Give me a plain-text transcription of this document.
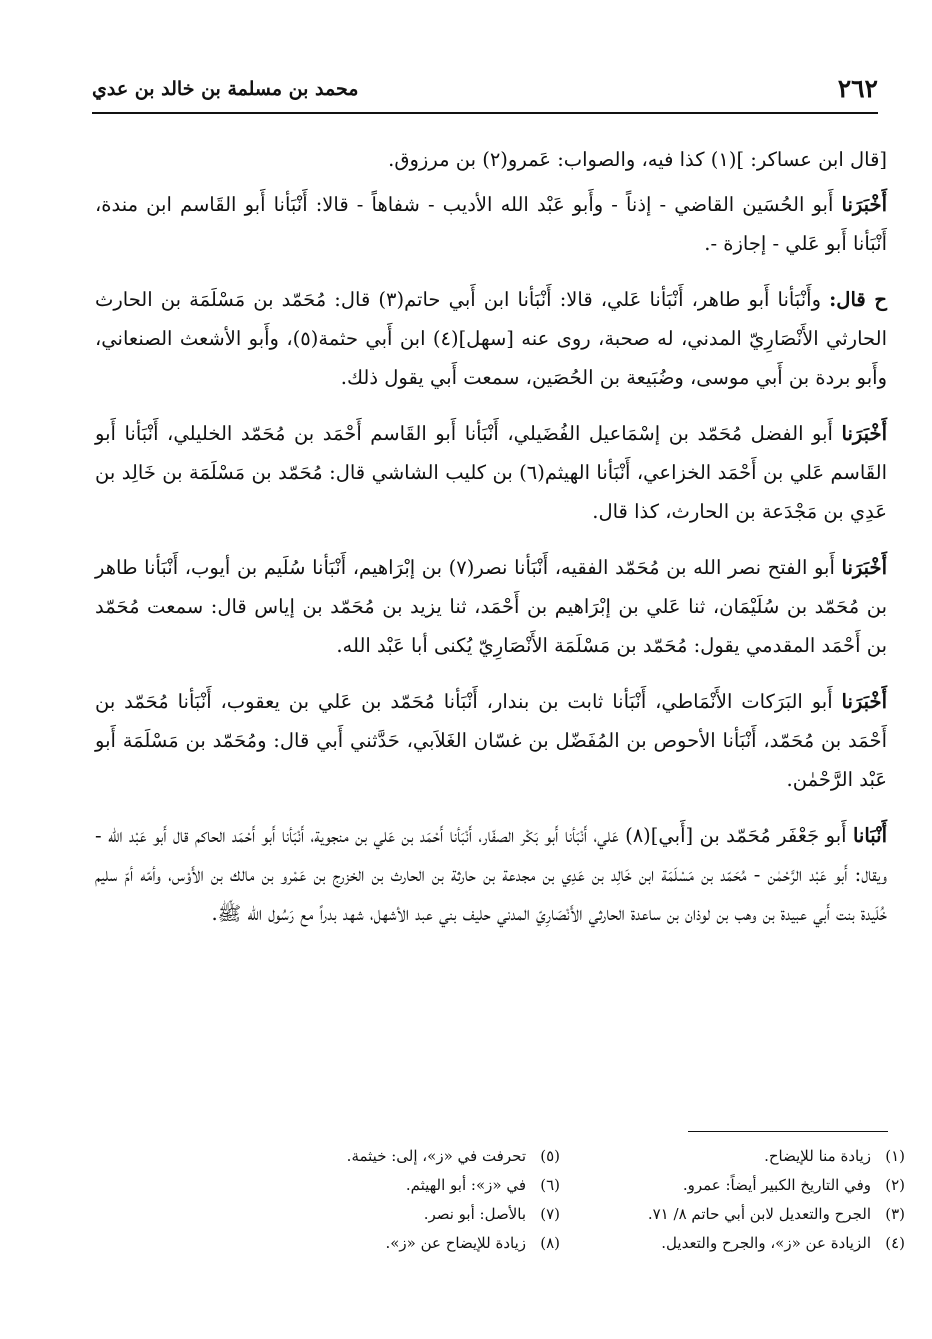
٢٦٢
محمد بن مسلمة بن خالد بن عدي

[قال ابن عساكر: ](١) كذا فيه، والصواب: عَمرو(٢) بن مرزوق.

أَخْبَرَنا أَبو الحُسَين القاضي - إذناً - وأَبو عَبْد الله الأديب - شفاهاً - قالا: أَنْبَأنا أَبو القَاسم ابن مندة، أَنْبَأنا أَبو عَلي - إجازة -.

ح قال: وأَنْبَأنا أَبو طاهر، أَنْبَأنا عَلي، قالا: أَنْبَأنا ابن أَبي حاتم(٣) قال: مُحَمّد بن مَسْلَمَة بن الحارث الحارثي الأَنْصَارِيّ المدني، له صحبة، روى عنه [سهل](٤) ابن أَبي حثمة(٥)، وأَبو الأشعث الصنعاني، وأَبو بردة بن أَبي موسى، وضُبَيعة بن الحُصَين، سمعت أَبي يقول ذلك.

أَخْبَرَنا أَبو الفضل مُحَمّد بن إسْمَاعيل الفُضَيلي، أَنْبَأنا أَبو القَاسم أَحْمَد بن مُحَمّد الخليلي، أَنْبَأنا أَبو القَاسم عَلي بن أَحْمَد الخزاعي، أَنْبَأنا الهيثم(٦) بن كليب الشاشي قال: مُحَمّد بن مَسْلَمَة بن خَالِد بن عَدِي بن مَجْدَعة بن الحارث، كذا قال.

أَخْبَرَنا أَبو الفتح نصر الله بن مُحَمّد الفقيه، أَنْبَأنا نصر(٧) بن إبْرَاهيم، أَنْبَأنا سُلَيم بن أيوب، أَنْبَأنا طاهر بن مُحَمّد بن سُلَيْمَان، ثنا عَلي بن إبْرَاهيم بن أَحْمَد، ثنا يزيد بن مُحَمّد بن إياس قال: سمعت مُحَمّد بن أَحْمَد المقدمي يقول: مُحَمّد بن مَسْلَمَة الأَنْصَارِيّ يُكنى أبا عَبْد الله.

أَخْبَرَنا أَبو البَرَكات الأَنْمَاطي، أَنْبَأنا ثابت بن بندار، أَنْبَأنا مُحَمّد بن عَلي بن يعقوب، أَنْبَأنا مُحَمّد بن أَحْمَد بن مُحَمّد، أَنْبَأنا الأحوص بن المُفَضّل بن غسّان الغَلاَبي، حَدَّثني أَبي قال: ومُحَمّد بن مَسْلَمَة أَبو عَبْد الرَّحْمٰن.

أَنْبَانا أَبو جَعْفَر مُحَمّد بن [أَبي](٨) عَلي، أَنْبَأنا أَبو بَكْر الصفّار، أَنْبَأنا أَحْمَد بن عَلي بن منجوية، أَنْبَأنا أَبو أَحْمَد الحاكم قال أَبو عَبْد الله - ويقال: أَبو عَبْد الرَّحْمٰن - مُحَمّد بن مَسْلَمَة ابن خَالِد بن عَدِي بن مجدعة بن حارثة بن الحارث بن الخزرج بن عَمْرو بن مالك بن الأَوْس، وأمّه أمّ سليم خُلَيدة بنت أَبي عبيدة بن وهب بن لوذان بن ساعدة الحارثي الأَنْصَارِيّ المدني حليف بني عبد الأشهل، شهد بدراً مع رَسُول الله ﷺ.

(١)زيادة منا للإيضاح.
(٢)وفي التاريخ الكبير أيضاً: عمرو.
(٣)الجرح والتعديل لابن أبي حاتم ٨/ ٧١.
(٤)الزيادة عن «ز»، والجرح والتعديل.
(٥)تحرفت في «ز»، إلى: خيثمة.
(٦)في «ز»: أبو الهيثم.
(٧)بالأصل: أبو نصر.
(٨)زيادة للإيضاح عن «ز».
